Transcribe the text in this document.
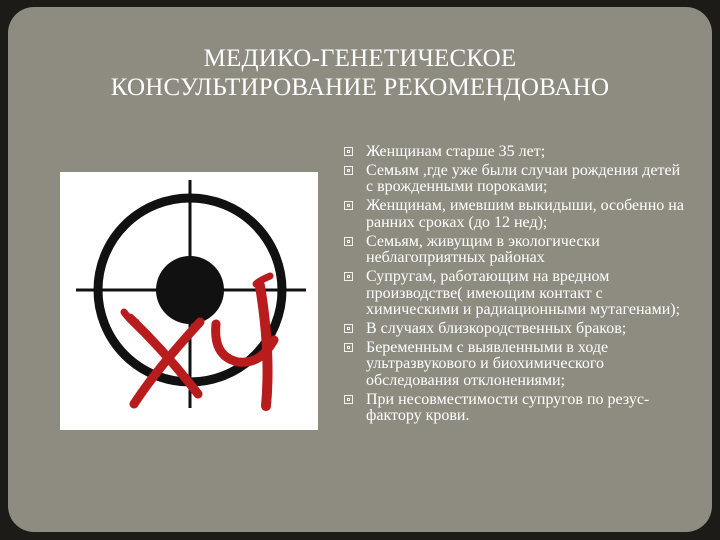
МЕДИКО-ГЕНЕТИЧЕСКОЕ
КОНСУЛЬТИРОВАНИЕ РЕКОМЕНДОВАНО
Женщинам старше 35 лет;
Семьям ,где уже были случаи рождения детей с врожденными пороками;
Женщинам, имевшим выкидыши, особенно на ранних сроках (до 12 нед);
Семьям, живущим в экологически неблагоприятных районах
Супругам, работающим на вредном производстве( имеющим контакт с химическими и радиационными мутагенами);
В случаях близкородственных браков;
Беременным с выявленными в ходе ультразвукового и биохимического обследования отклонениями;
При несовместимости супругов по резус-фактору крови.
